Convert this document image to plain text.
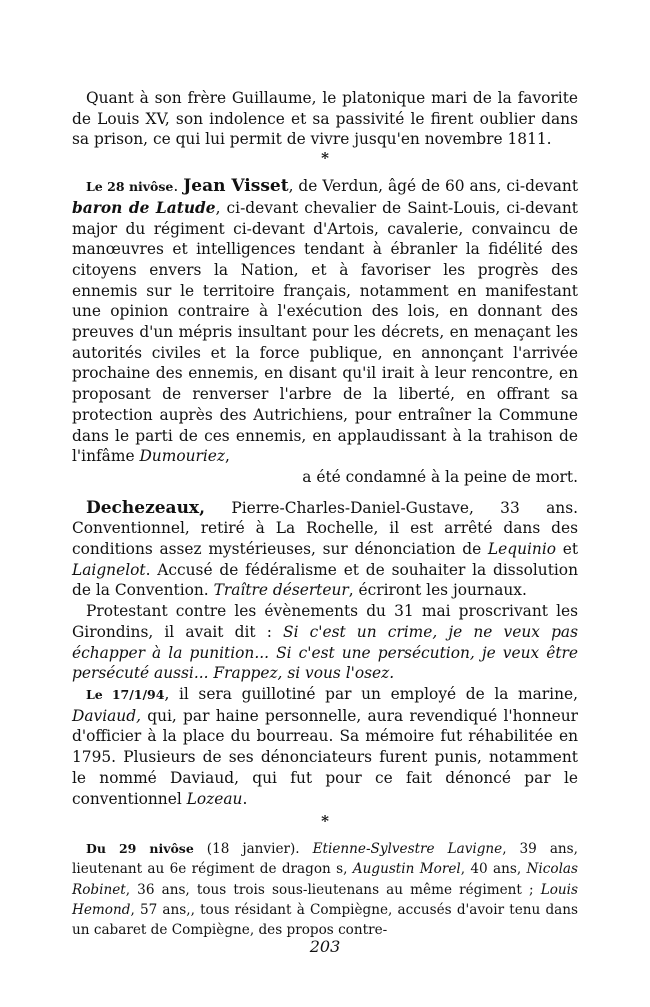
Quant à son frère Guillaume, le platonique mari de la favorite de Louis XV, son indolence et sa passivité le firent oublier dans sa prison, ce qui lui permit de vivre jusqu'en novembre 1811.

*

Le 28 nivôse. Jean Visset, de Verdun, âgé de 60 ans, ci-devant baron de Latude, ci-devant chevalier de Saint-Louis, ci-devant major du régiment ci-devant d'Artois, cavalerie, convaincu de manœuvres et intelligences tendant à ébranler la fidélité des citoyens envers la Nation, et à favoriser les progrès des ennemis sur le territoire français, notamment en manifestant une opinion contraire à l'exécution des lois, en donnant des preuves d'un mépris insultant pour les décrets, en menaçant les autorités civiles et la force publique, en annonçant l'arrivée prochaine des ennemis, en disant qu'il irait à leur rencontre, en proposant de renverser l'arbre de la liberté, en offrant sa protection auprès des Autrichiens, pour entraîner la Commune dans le parti de ces ennemis, en applaudissant à la trahison de l'infâme Dumouriez,

a été condamné à la peine de mort.

Dechezeaux, Pierre-Charles-Daniel-Gustave, 33 ans. Conventionnel, retiré à La Rochelle, il est arrêté dans des conditions assez mystérieuses, sur dénonciation de Lequinio et Laignelot. Accusé de fédéralisme et de souhaiter la dissolution de la Convention. Traître déserteur, écriront les journaux.

Protestant contre les évènements du 31 mai proscrivant les Girondins, il avait dit : Si c'est un crime, je ne veux pas échapper à la punition... Si c'est une persécution, je veux être persécuté aussi... Frappez, si vous l'osez.

Le 17/1/94, il sera guillotiné par un employé de la marine, Daviaud, qui, par haine personnelle, aura revendiqué l'honneur d'officier à la place du bourreau. Sa mémoire fut réhabilitée en 1795. Plusieurs de ses dénonciateurs furent punis, notamment le nommé Daviaud, qui fut pour ce fait dénoncé par le conventionnel Lozeau.

*

Du 29 nivôse (18 janvier). Etienne-Sylvestre Lavigne, 39 ans, lieutenant au 6e régiment de dragon s, Augustin Morel, 40 ans, Nicolas Robinet, 36 ans, tous trois sous-lieutenans au même régiment ; Louis Hemond, 57 ans,, tous résidant à Compiègne, accusés d'avoir tenu dans un cabaret de Compiègne, des propos contre-

203
